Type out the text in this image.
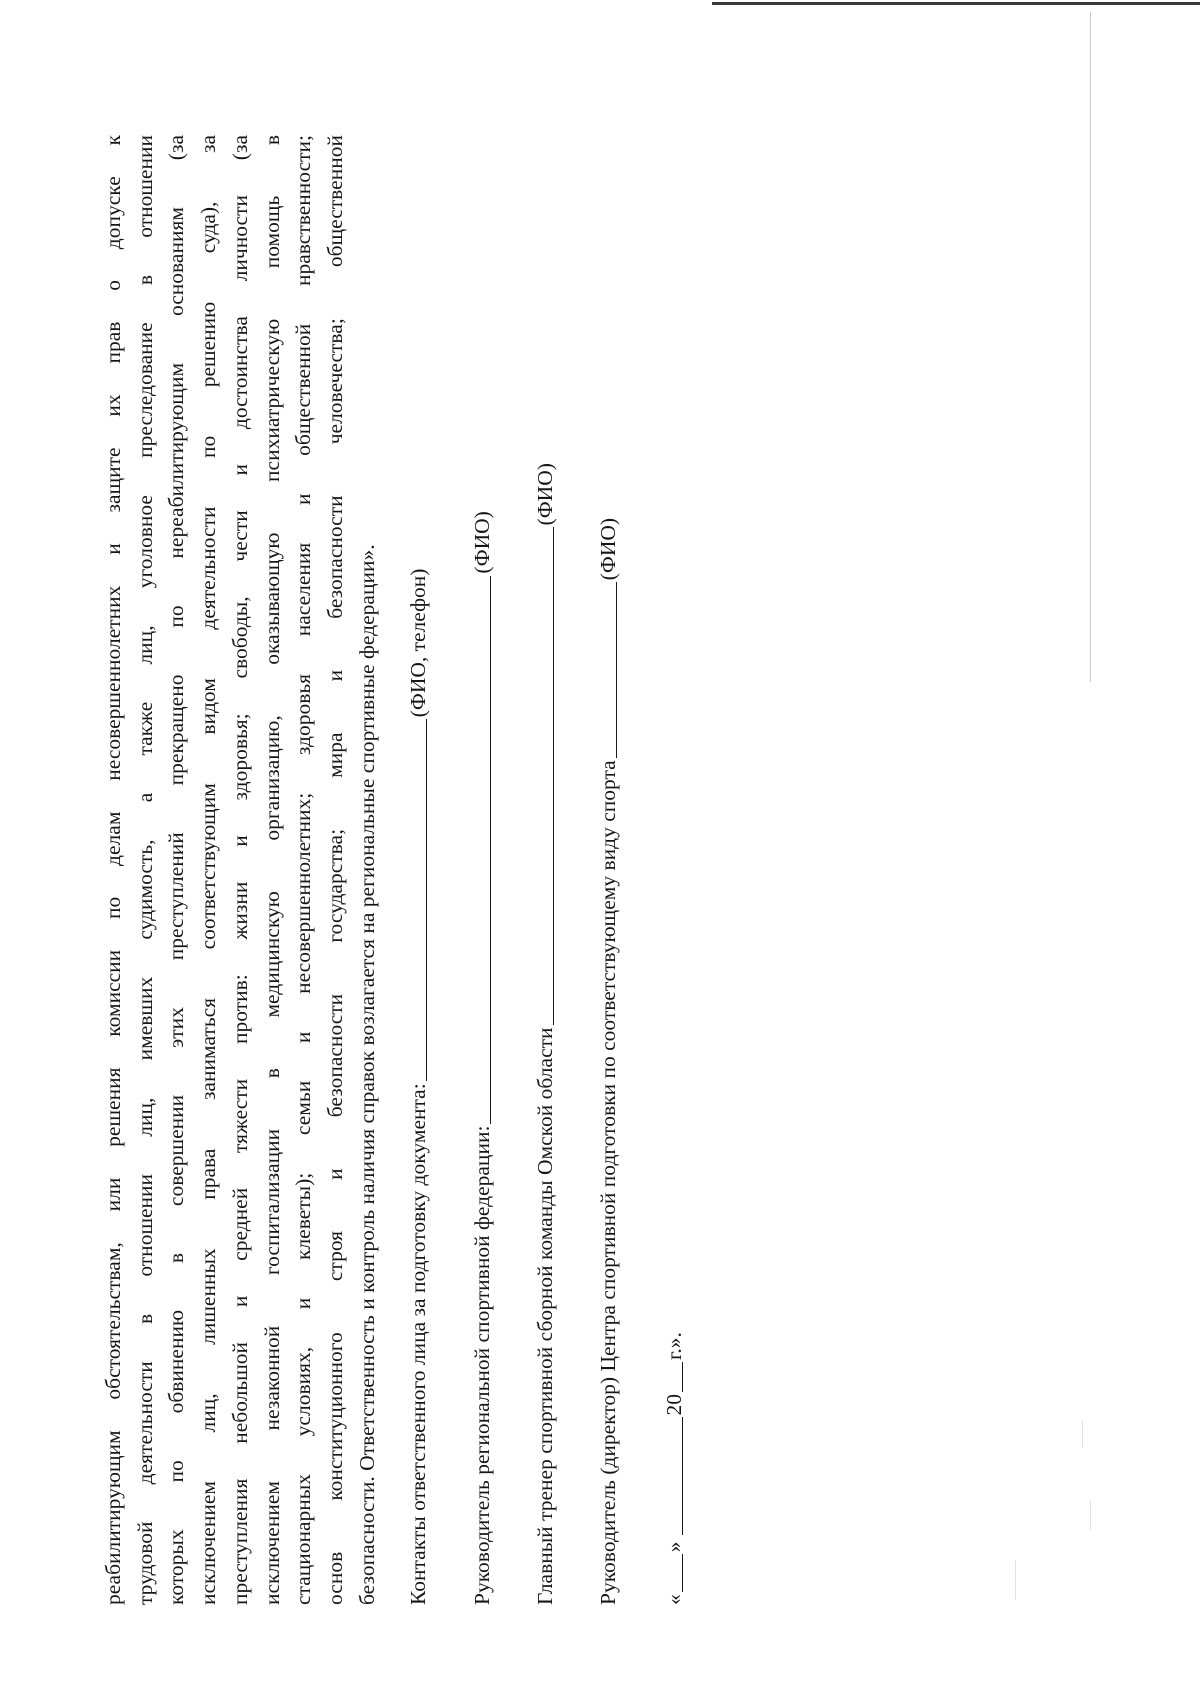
реабилитирующим обстоятельствам, или решения комиссии по делам несовершеннолетних и защите их прав о допуске к трудовой деятельности в отношении лиц, имевших судимость, а также лиц, уголовное преследование в отношении которых по обвинению в совершении этих преступлений прекращено по нереабилитирующим основаниям (за исключением лиц, лишенных права заниматься соответствующим видом деятельности по решению суда), за преступления небольшой и средней тяжести против: жизни и здоровья; свободы, чести и достоинства личности (за исключением незаконной госпитализации в медицинскую организацию, оказывающую психиатрическую помощь в стационарных условиях, и клеветы); семьи и несовершеннолетних; здоровья населения и общественной нравственности; основ конституционного строя и безопасности государства; мира и безопасности человечества; общественной безопасности. Ответственность и контроль наличия справок возлагается на региональные спортивные федерации». Контакты ответственного лица за подготовку документа:
(ФИО, телефон)
Руководитель региональной спортивной федерации:
(ФИО)
Главный тренер спортивной сборной команды Омской области
(ФИО)
Руководитель (директор) Центра спортивной подготовки по соответствующему виду спорта
(ФИО)
«
»
20
г.».
